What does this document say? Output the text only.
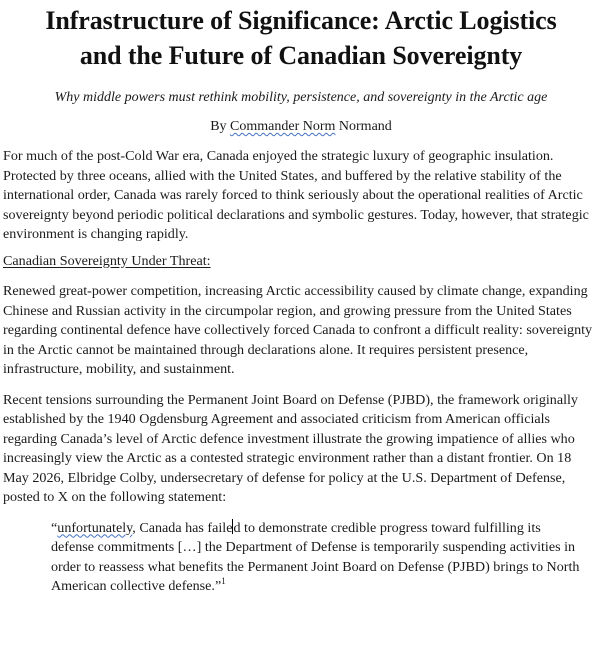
Infrastructure of Significance: Arctic Logistics
and the Future of Canadian Sovereignty
Why middle powers must rethink mobility, persistence, and sovereignty in the Arctic age
By Commander Norm Normand

For much of the post-Cold War era, Canada enjoyed the strategic luxury of geographic insulation. Protected by three oceans, allied with the United States, and buffered by the relative stability of the international order, Canada was rarely forced to think seriously about the operational realities of Arctic sovereignty beyond periodic political declarations and symbolic gestures. Today, however, that strategic environment is changing rapidly.

Canadian Sovereignty Under Threat:

Renewed great-power competition, increasing Arctic accessibility caused by climate change, expanding Chinese and Russian activity in the circumpolar region, and growing pressure from the United States regarding continental defence have collectively forced Canada to confront a difficult reality: sovereignty in the Arctic cannot be maintained through declarations alone. It requires persistent presence, infrastructure, mobility, and sustainment.

Recent tensions surrounding the Permanent Joint Board on Defense (PJBD), the framework originally established by the 1940 Ogdensburg Agreement and associated criticism from American officials regarding Canada’s level of Arctic defence investment illustrate the growing impatience of allies who increasingly view the Arctic as a contested strategic environment rather than a distant frontier. On 18 May 2026, Elbridge Colby, undersecretary of defense for policy at the U.S. Department of Defense, posted to X on the following statement:

“unfortunately, Canada has failed to demonstrate credible progress toward fulfilling its defense commitments […] the Department of Defense is temporarily suspending activities in order to reassess what benefits the Permanent Joint Board on Defense (PJBD) brings to North American collective defense.”$^1$
